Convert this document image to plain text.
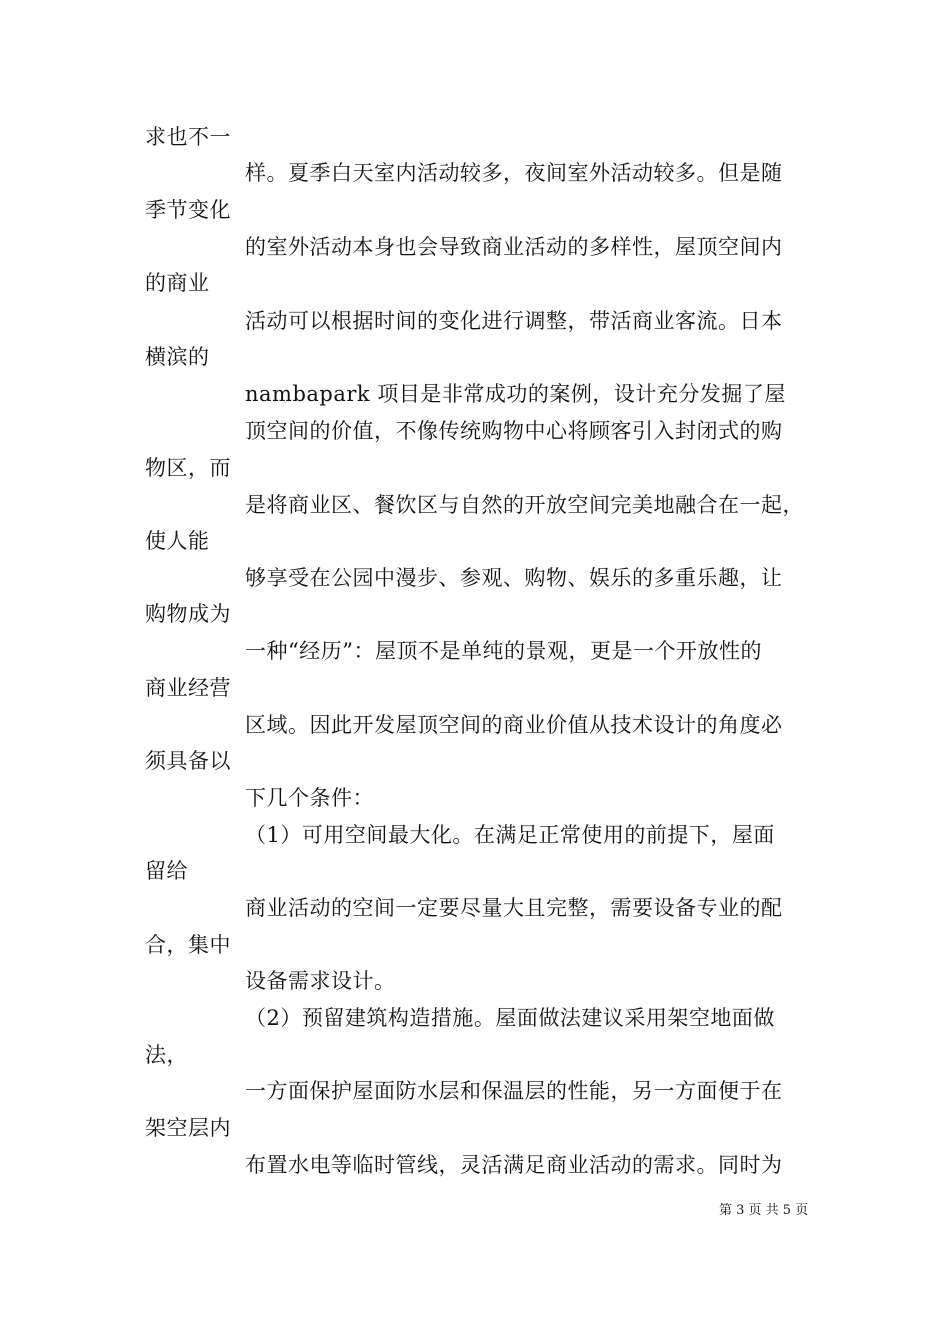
求也不一
样。夏季白天室内活动较多，夜间室外活动较多。但是随
季节变化
的室外活动本身也会导致商业活动的多样性，屋顶空间内
的商业
活动可以根据时间的变化进行调整，带活商业客流。日本
横滨的
nambapark 项目是非常成功的案例，设计充分发掘了屋
顶空间的价值，不像传统购物中心将顾客引入封闭式的购
物区，而
是将商业区、餐饮区与自然的开放空间完美地融合在一起，
使人能
够享受在公园中漫步、参观、购物、娱乐的多重乐趣，让
购物成为
一种“经历”：屋顶不是单纯的景观，更是一个开放性的
商业经营
区域。因此开发屋顶空间的商业价值从技术设计的角度必
须具备以
下几个条件：
（1）可用空间最大化。在满足正常使用的前提下，屋面
留给
商业活动的空间一定要尽量大且完整，需要设备专业的配
合，集中
设备需求设计。
（2）预留建筑构造措施。屋面做法建议采用架空地面做
法，
一方面保护屋面防水层和保温层的性能，另一方面便于在
架空层内
布置水电等临时管线，灵活满足商业活动的需求。同时为
第 3 页 共 5 页
